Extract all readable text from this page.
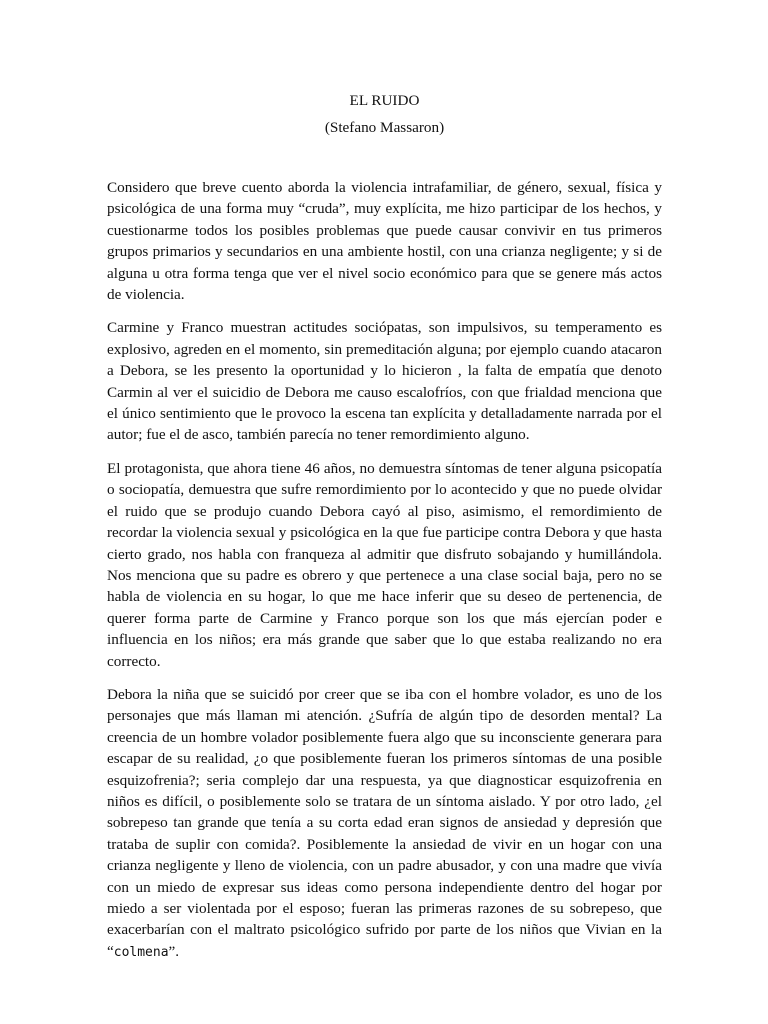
EL RUIDO

(Stefano Massaron)

Considero que breve cuento aborda la violencia intrafamiliar, de género, sexual, física y psicológica de una forma muy “cruda”, muy explícita, me hizo participar de los hechos, y cuestionarme todos los posibles problemas que puede causar convivir en tus primeros grupos primarios y secundarios en una ambiente hostil, con una crianza negligente; y si de alguna u otra forma tenga que ver el nivel socio económico para que se genere más actos de violencia.

Carmine y Franco muestran actitudes sociópatas, son impulsivos, su temperamento es explosivo, agreden en el momento, sin premeditación alguna; por ejemplo cuando atacaron a Debora, se les presento la oportunidad y lo hicieron , la falta de empatía que denoto Carmin al ver el suicidio de Debora me causo escalofríos, con que frialdad menciona que el único sentimiento que le provoco la escena tan explícita y detalladamente narrada por el autor; fue el de asco, también parecía no tener remordimiento alguno.

El protagonista, que ahora tiene 46 años, no demuestra síntomas de tener alguna psicopatía o sociopatía, demuestra que sufre remordimiento por lo acontecido y que no puede olvidar el ruido que se produjo cuando Debora cayó al piso, asimismo, el remordimiento de recordar la violencia sexual y psicológica en la que fue participe contra Debora y que hasta cierto grado, nos habla con franqueza al admitir que disfruto sobajando y humillándola. Nos menciona que su padre es obrero y que pertenece a una clase social baja, pero no se habla de violencia en su hogar, lo que me hace inferir que su deseo de pertenencia, de querer forma parte de Carmine y Franco porque son los que más ejercían poder e influencia en los niños; era más grande que saber que lo que estaba realizando no era correcto.

Debora la niña que se suicidó por creer que se iba con el hombre volador, es uno de los personajes que más llaman mi atención. ¿Sufría de algún tipo de desorden mental? La creencia de un hombre volador posiblemente fuera algo que su inconsciente generara para escapar de su realidad, ¿o que posiblemente fueran los primeros síntomas de una posible esquizofrenia?; seria complejo dar una respuesta, ya que diagnosticar esquizofrenia en niños es difícil, o posiblemente solo se tratara de un síntoma aislado. Y por otro lado, ¿el sobrepeso tan grande que tenía a su corta edad eran signos de ansiedad y depresión que trataba de suplir con comida?. Posiblemente la ansiedad de vivir en un hogar con una crianza negligente y lleno de violencia, con un padre abusador, y con una madre que vivía con un miedo de expresar sus ideas como persona independiente dentro del hogar por miedo a ser violentada por el esposo; fueran las primeras razones de su sobrepeso, que exacerbarían con el maltrato psicológico sufrido por parte de los niños que Vivian en la “colmena”.
